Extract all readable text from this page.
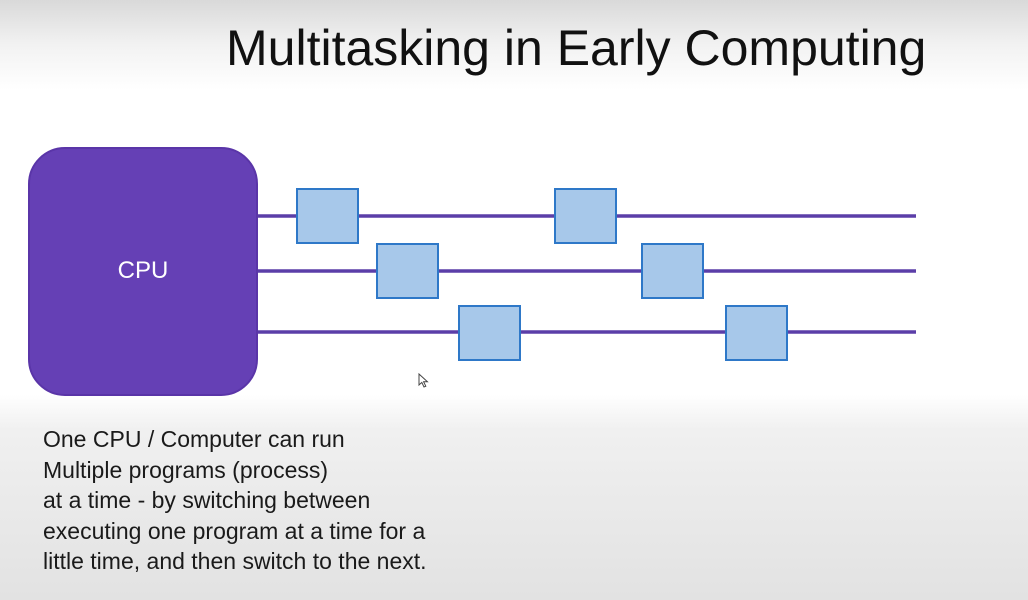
Multitasking in Early Computing
CPU
One CPU / Computer can run
Multiple programs (process)
at a time - by switching between
executing one program at a time for a
little time, and then switch to the next.
